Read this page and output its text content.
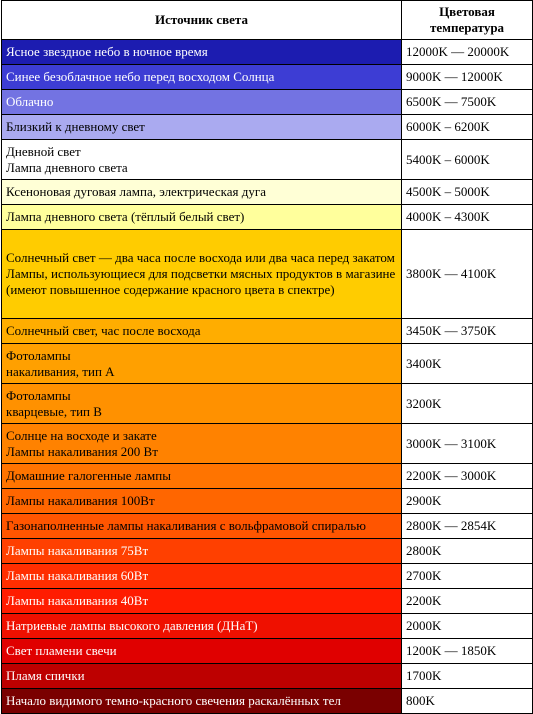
Источник света	Цветовая
температура
Ясное звездное небо в ночное время	12000K — 20000K
Синее безоблачное небо перед восходом Солнца	9000K — 12000K
Облачно	6500K — 7500K
Близкий к дневному свет	6000K – 6200K
Дневной свет
Лампа дневного света	5400K – 6000K
Ксеноновая дуговая лампа, электрическая дуга	4500K – 5000K
Лампа дневного света (тёплый белый свет)	4000K – 4300K
Солнечный свет — два часа после восхода или два часа перед закатом
Лампы, использующиеся для подсветки мясных продуктов в магазине (имеют повышенное содержание красного цвета в спектре)	3800K — 4100K
Солнечный свет, час после восхода	3450K — 3750K
Фотолампы
накаливания, тип А	3400K
Фотолампы
кварцевые, тип В	3200K
Солнце на восходе и закате
Лампы накаливания 200 Вт	3000K — 3100K
Домашние галогенные лампы	2200K — 3000K
Лампы накаливания 100Вт	2900K
Газонаполненные лампы накаливания с вольфрамовой спиралью	2800K — 2854K
Лампы накаливания 75Вт	2800K
Лампы накаливания 60Вт	2700K
Лампы накаливания 40Вт	2200K
Натриевые лампы высокого давления (ДНаТ)	2000K
Свет пламени свечи	1200K — 1850K
Пламя спички	1700K
Начало видимого темно-красного свечения раскалённых тел	800K
